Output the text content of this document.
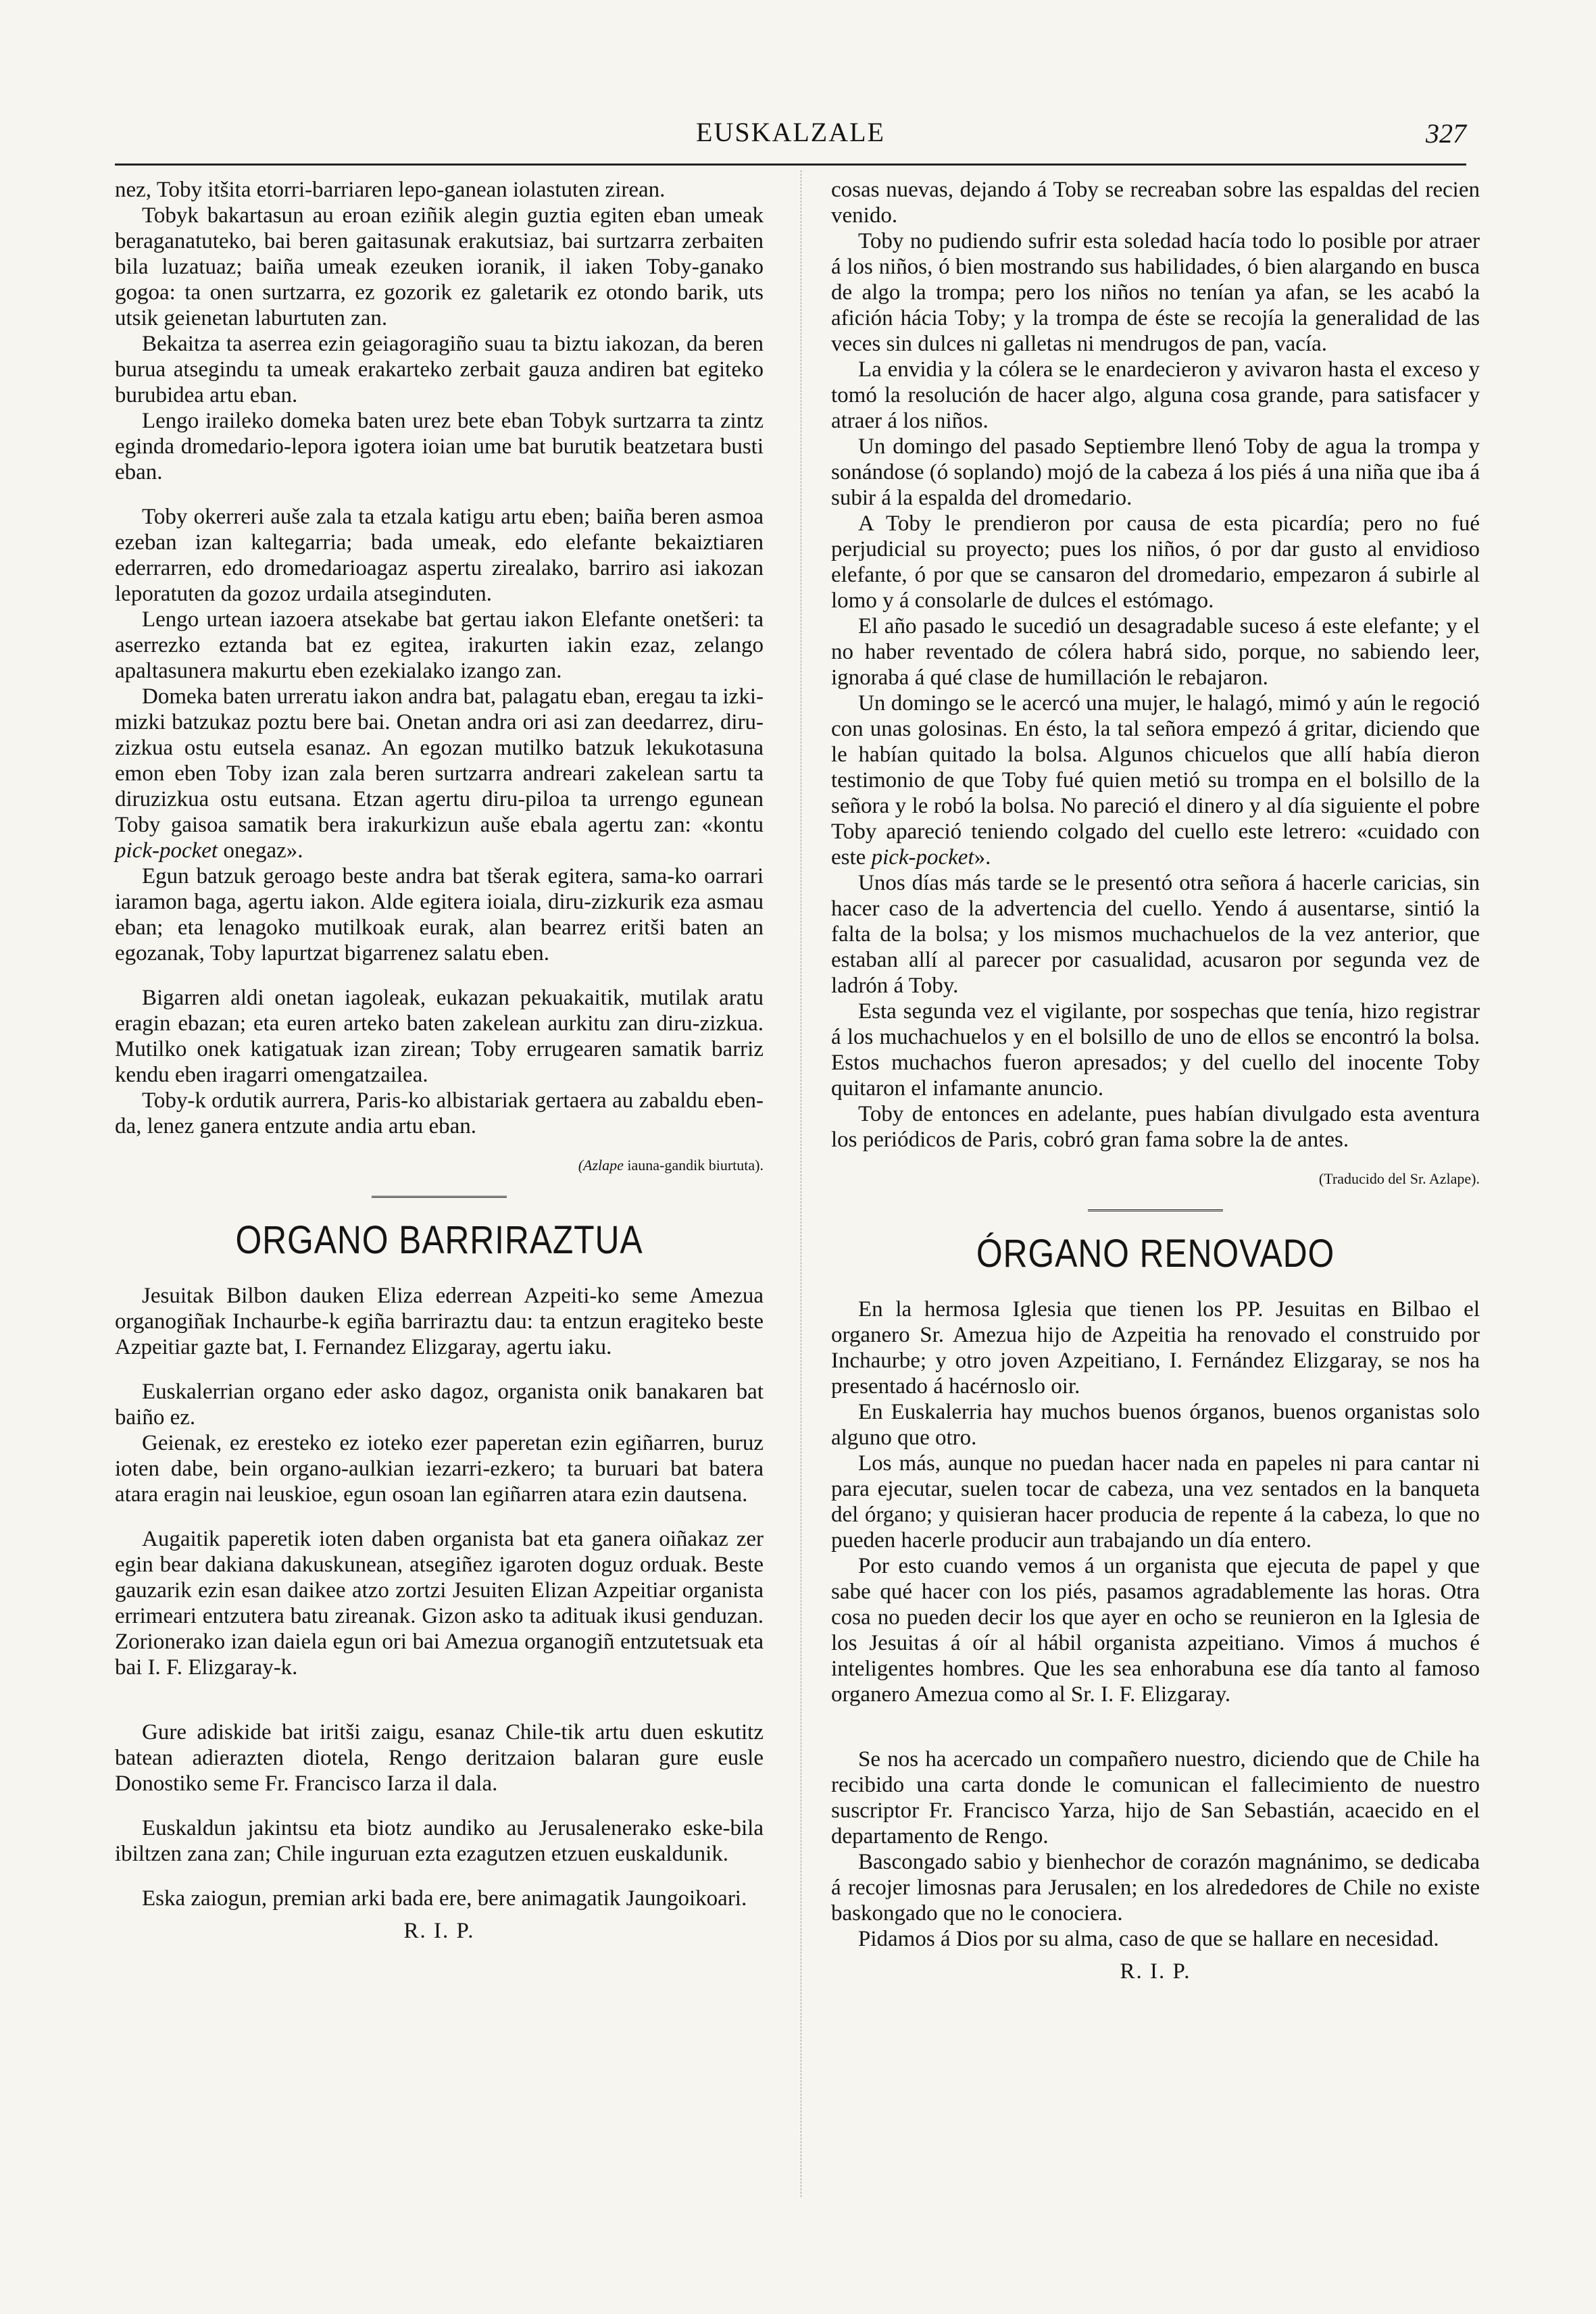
EUSKALZALE	327

nez, Toby itšita etorri-barriaren lepo-ganean iolastuten zirean.

Tobyk bakartasun au eroan eziñik alegin guztia egiten eban umeak beraganatuteko, bai beren gaitasunak erakutsiaz, bai surtzarra zerbaiten bila luzatuaz; baiña umeak ezeuken ioranik, il iaken Toby-ganako gogoa: ta onen surtzarra, ez gozorik ez galetarik ez otondo barik, uts utsik geienetan laburtuten zan.

Bekaitza ta aserrea ezin geiagoragiño suau ta biztu iakozan, da beren burua atsegindu ta umeak erakarteko zerbait gauza andiren bat egiteko burubidea artu eban.

Lengo iraileko domeka baten urez bete eban Tobyk surtzarra ta zintz eginda dromedario-lepora igotera ioian ume bat burutik beatzetara busti eban.

Toby okerreri auše zala ta etzala katigu artu eben; baiña beren asmoa ezeban izan kaltegarria; bada umeak, edo elefante bekaiztiaren ederrarren, edo dromedarioagaz aspertu zirealako, barriro asi iakozan leporatuten da gozoz urdaila atseginduten.

Lengo urtean iazoera atsekabe bat gertau iakon Elefante onetšeri: ta aserrezko eztanda bat ez egitea, irakurten iakin ezaz, zelango apaltasunera makurtu eben ezekialako izango zan.

Domeka baten urreratu iakon andra bat, palagatu eban, eregau ta izki-mizki batzukaz poztu bere bai. Onetan andra ori asi zan deedarrez, diru-zizkua ostu eutsela esanaz. An egozan mutilko batzuk lekukotasuna emon eben Toby izan zala beren surtzarra andreari zakelean sartu ta diruzizkua ostu eutsana. Etzan agertu diru-piloa ta urrengo egunean Toby gaisoa samatik bera irakurkizun auše ebala agertu zan: «kontu pick-pocket onegaz».

Egun batzuk geroago beste andra bat tšerak egitera, sama-ko oarrari iaramon baga, agertu iakon. Alde egitera ioiala, diru-zizkurik eza asmau eban; eta lenagoko mutilkoak eurak, alan bearrez eritši baten an egozanak, Toby lapurtzat bigarrenez salatu eben.

Bigarren aldi onetan iagoleak, eukazan pekuakaitik, mutilak aratu eragin ebazan; eta euren arteko baten zakelean aurkitu zan diru-zizkua. Mutilko onek katigatuak izan zirean; Toby errugearen samatik barriz kendu eben iragarri omengatzailea.

Toby-k ordutik aurrera, Paris-ko albistariak gertaera au zabaldu eben-da, lenez ganera entzute andia artu eban.

(Azlape iauna-gandik biurtuta).
ORGANO BARRIRAZTUA

Jesuitak Bilbon dauken Eliza ederrean Azpeiti-ko seme Amezua organogiñak Inchaurbe-k egiña barriraztu dau: ta entzun eragiteko beste Azpeitiar gazte bat, I. Fernandez Elizgaray, agertu iaku.

Euskalerrian organo eder asko dagoz, organista onik banakaren bat baiño ez.

Geienak, ez eresteko ez ioteko ezer paperetan ezin egiñarren, buruz ioten dabe, bein organo-aulkian iezarri-ezkero; ta buruari bat batera atara eragin nai leuskioe, egun osoan lan egiñarren atara ezin dautsena.

Augaitik paperetik ioten daben organista bat eta ganera oiñakaz zer egin bear dakiana dakuskunean, atsegiñez igaroten doguz orduak. Beste gauzarik ezin esan daikee atzo zortzi Jesuiten Elizan Azpeitiar organista errimeari entzutera batu zireanak. Gizon asko ta adituak ikusi genduzan. Zorionerako izan daiela egun ori bai Amezua organogiñ entzutetsuak eta bai I. F. Elizgaray-k.

Gure adiskide bat iritši zaigu, esanaz Chile-tik artu duen eskutitz batean adierazten diotela, Rengo deritzaion balaran gure eusle Donostiko seme Fr. Francisco Iarza il dala.

Euskaldun jakintsu eta biotz aundiko au Jerusalenerako eske-bila ibiltzen zana zan; Chile inguruan ezta ezagutzen etzuen euskaldunik.

Eska zaiogun, premian arki bada ere, bere animagatik Jaungoikoari.

R. I. P.

cosas nuevas, dejando á Toby se recreaban sobre las espaldas del recien venido.

Toby no pudiendo sufrir esta soledad hacía todo lo posible por atraer á los niños, ó bien mostrando sus habilidades, ó bien alargando en busca de algo la trompa; pero los niños no tenían ya afan, se les acabó la afición hácia Toby; y la trompa de éste se recojía la generalidad de las veces sin dulces ni galletas ni mendrugos de pan, vacía.

La envidia y la cólera se le enardecieron y avivaron hasta el exceso y tomó la resolución de hacer algo, alguna cosa grande, para satisfacer y atraer á los niños.

Un domingo del pasado Septiembre llenó Toby de agua la trompa y sonándose (ó soplando) mojó de la cabeza á los piés á una niña que iba á subir á la espalda del dromedario.

A Toby le prendieron por causa de esta picardía; pero no fué perjudicial su proyecto; pues los niños, ó por dar gusto al envidioso elefante, ó por que se cansaron del dromedario, empezaron á subirle al lomo y á consolarle de dulces el estómago.

El año pasado le sucedió un desagradable suceso á este elefante; y el no haber reventado de cólera habrá sido, porque, no sabiendo leer, ignoraba á qué clase de humillación le rebajaron.

Un domingo se le acercó una mujer, le halagó, mimó y aún le regoció con unas golosinas. En ésto, la tal señora empezó á gritar, diciendo que le habían quitado la bolsa. Algunos chicuelos que allí había dieron testimonio de que Toby fué quien metió su trompa en el bolsillo de la señora y le robó la bolsa. No pareció el dinero y al día siguiente el pobre Toby apareció teniendo colgado del cuello este letrero: «cuidado con este pick-pocket».

Unos días más tarde se le presentó otra señora á hacerle caricias, sin hacer caso de la advertencia del cuello. Yendo á ausentarse, sintió la falta de la bolsa; y los mismos muchachuelos de la vez anterior, que estaban allí al parecer por casualidad, acusaron por segunda vez de ladrón á Toby.

Esta segunda vez el vigilante, por sospechas que tenía, hizo registrar á los muchachuelos y en el bolsillo de uno de ellos se encontró la bolsa. Estos muchachos fueron apresados; y del cuello del inocente Toby quitaron el infamante anuncio.

Toby de entonces en adelante, pues habían divulgado esta aventura los periódicos de Paris, cobró gran fama sobre la de antes.

(Traducido del Sr. Azlape).
ÓRGANO RENOVADO

En la hermosa Iglesia que tienen los PP. Jesuitas en Bilbao el organero Sr. Amezua hijo de Azpeitia ha renovado el construido por Inchaurbe; y otro joven Azpeitiano, I. Fernández Elizgaray, se nos ha presentado á hacérnoslo oir.

En Euskalerria hay muchos buenos órganos, buenos organistas solo alguno que otro.

Los más, aunque no puedan hacer nada en papeles ni para cantar ni para ejecutar, suelen tocar de cabeza, una vez sentados en la banqueta del órgano; y quisieran hacer producia de repente á la cabeza, lo que no pueden hacerle producir aun trabajando un día entero.

Por esto cuando vemos á un organista que ejecuta de papel y que sabe qué hacer con los piés, pasamos agradablemente las horas. Otra cosa no pueden decir los que ayer en ocho se reunieron en la Iglesia de los Jesuitas á oír al hábil organista azpeitiano. Vimos á muchos é inteligentes hombres. Que les sea enhorabuna ese día tanto al famoso organero Amezua como al Sr. I. F. Elizgaray.

Se nos ha acercado un compañero nuestro, diciendo que de Chile ha recibido una carta donde le comunican el fallecimiento de nuestro suscriptor Fr. Francisco Yarza, hijo de San Sebastián, acaecido en el departamento de Rengo.

Bascongado sabio y bienhechor de corazón magnánimo, se dedicaba á recojer limosnas para Jerusalen; en los alrededores de Chile no existe baskongado que no le conociera.

Pidamos á Dios por su alma, caso de que se hallare en necesidad.

R. I. P.
